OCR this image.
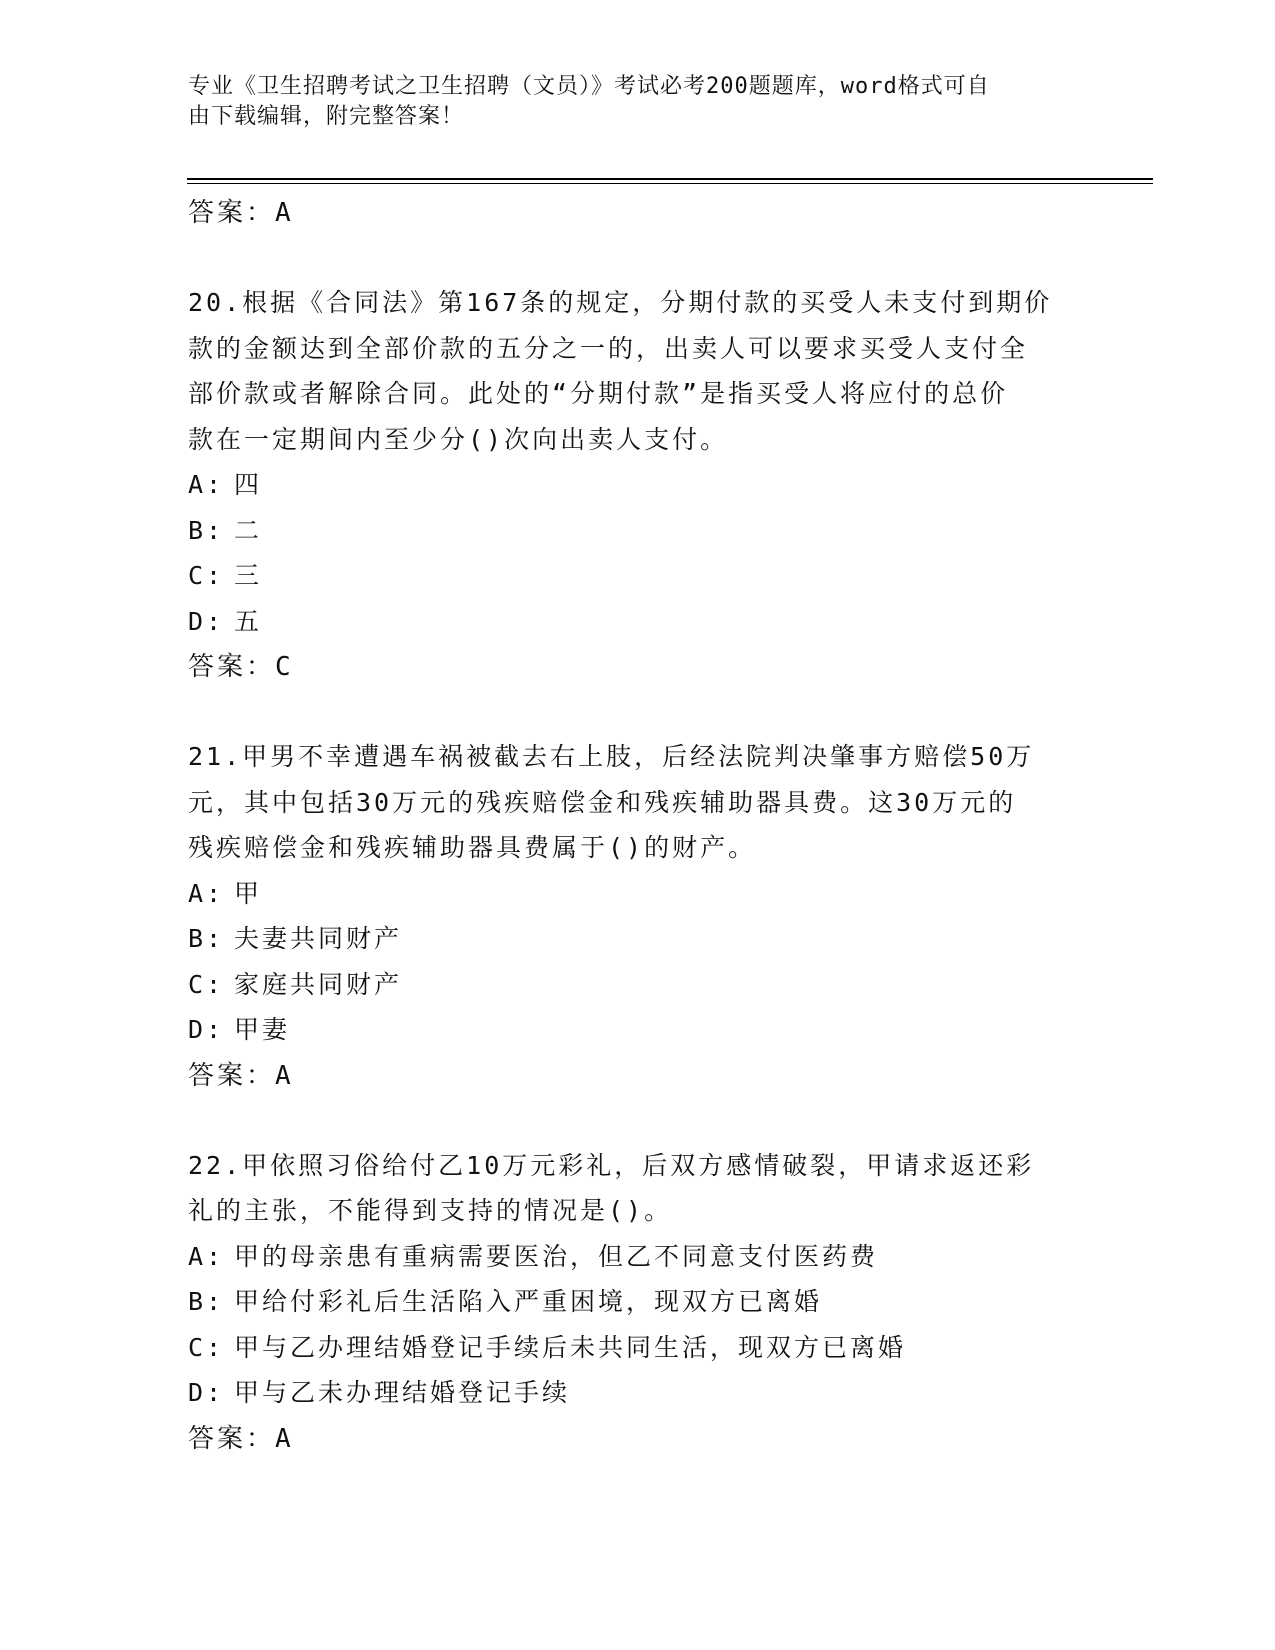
专业《卫生招聘考试之卫生招聘（文员）》考试必考200题题库，word格式可自
由下载编辑，附完整答案！
答案：A
20.根据《合同法》第167条的规定，分期付款的买受人未支付到期价
款的金额达到全部价款的五分之一的，出卖人可以要求买受人支付全
部价款或者解除合同。此处的“分期付款”是指买受人将应付的总价
款在一定期间内至少分()次向出卖人支付。
A: 四
B: 二
C: 三
D: 五
答案：C
21.甲男不幸遭遇车祸被截去右上肢，后经法院判决肇事方赔偿50万
元，其中包括30万元的残疾赔偿金和残疾辅助器具费。这30万元的
残疾赔偿金和残疾辅助器具费属于()的财产。
A: 甲
B: 夫妻共同财产
C: 家庭共同财产
D: 甲妻
答案：A
22.甲依照习俗给付乙10万元彩礼，后双方感情破裂，甲请求返还彩
礼的主张，不能得到支持的情况是()。
A: 甲的母亲患有重病需要医治，但乙不同意支付医药费
B: 甲给付彩礼后生活陷入严重困境，现双方已离婚
C: 甲与乙办理结婚登记手续后未共同生活，现双方已离婚
D: 甲与乙未办理结婚登记手续
答案：A
